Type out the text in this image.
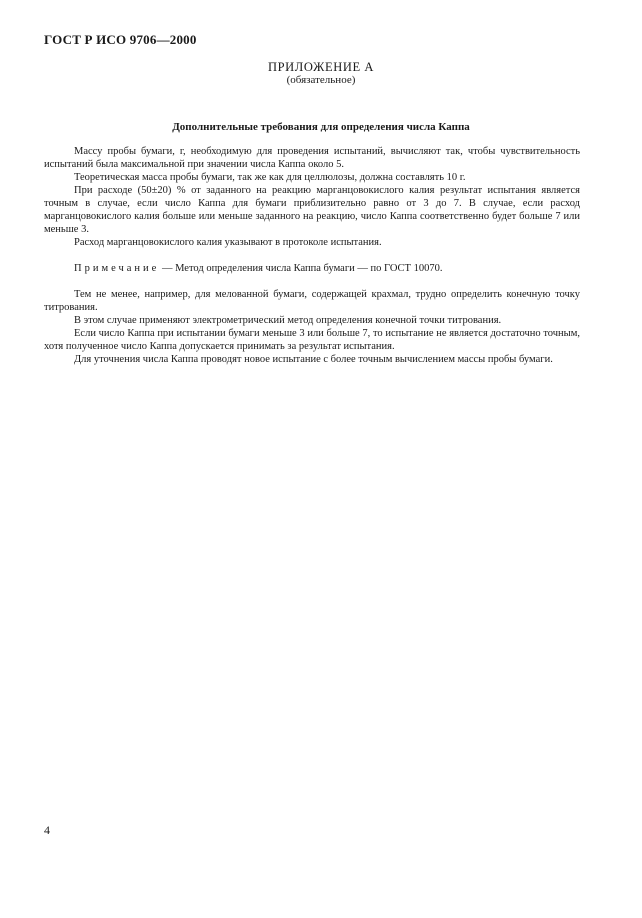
ГОСТ Р ИСО 9706—2000
ПРИЛОЖЕНИЕ А
(обязательное)
Дополнительные требования для определения числа Каппа

Массу пробы бумаги, г, необходимую для проведения испытаний, вычисляют так, чтобы чувствительность испытаний была максимальной при значении числа Каппа около 5.

Теоретическая масса пробы бумаги, так же как для целлюлозы, должна составлять 10 г.

При расходе (50±20) % от заданного на реакцию марганцовокислого калия результат испытания является точным в случае, если число Каппа для бумаги приблизительно равно от 3 до 7. В случае, если расход марганцовокислого калия больше или меньше заданного на реакцию, число Каппа соответственно будет больше 7 или меньше 3.

Расход марганцовокислого калия указывают в протоколе испытания.

Примечание — Метод определения числа Каппа бумаги — по ГОСТ 10070.

Тем не менее, например, для мелованной бумаги, содержащей крахмал, трудно определить конечную точку титрования.

В этом случае применяют электрометрический метод определения конечной точки титрования.

Если число Каппа при испытании бумаги меньше 3 или больше 7, то испытание не является достаточно точным, хотя полученное число Каппа допускается принимать за результат испытания.

Для уточнения числа Каппа проводят новое испытание с более точным вычислением массы пробы бумаги.

4
